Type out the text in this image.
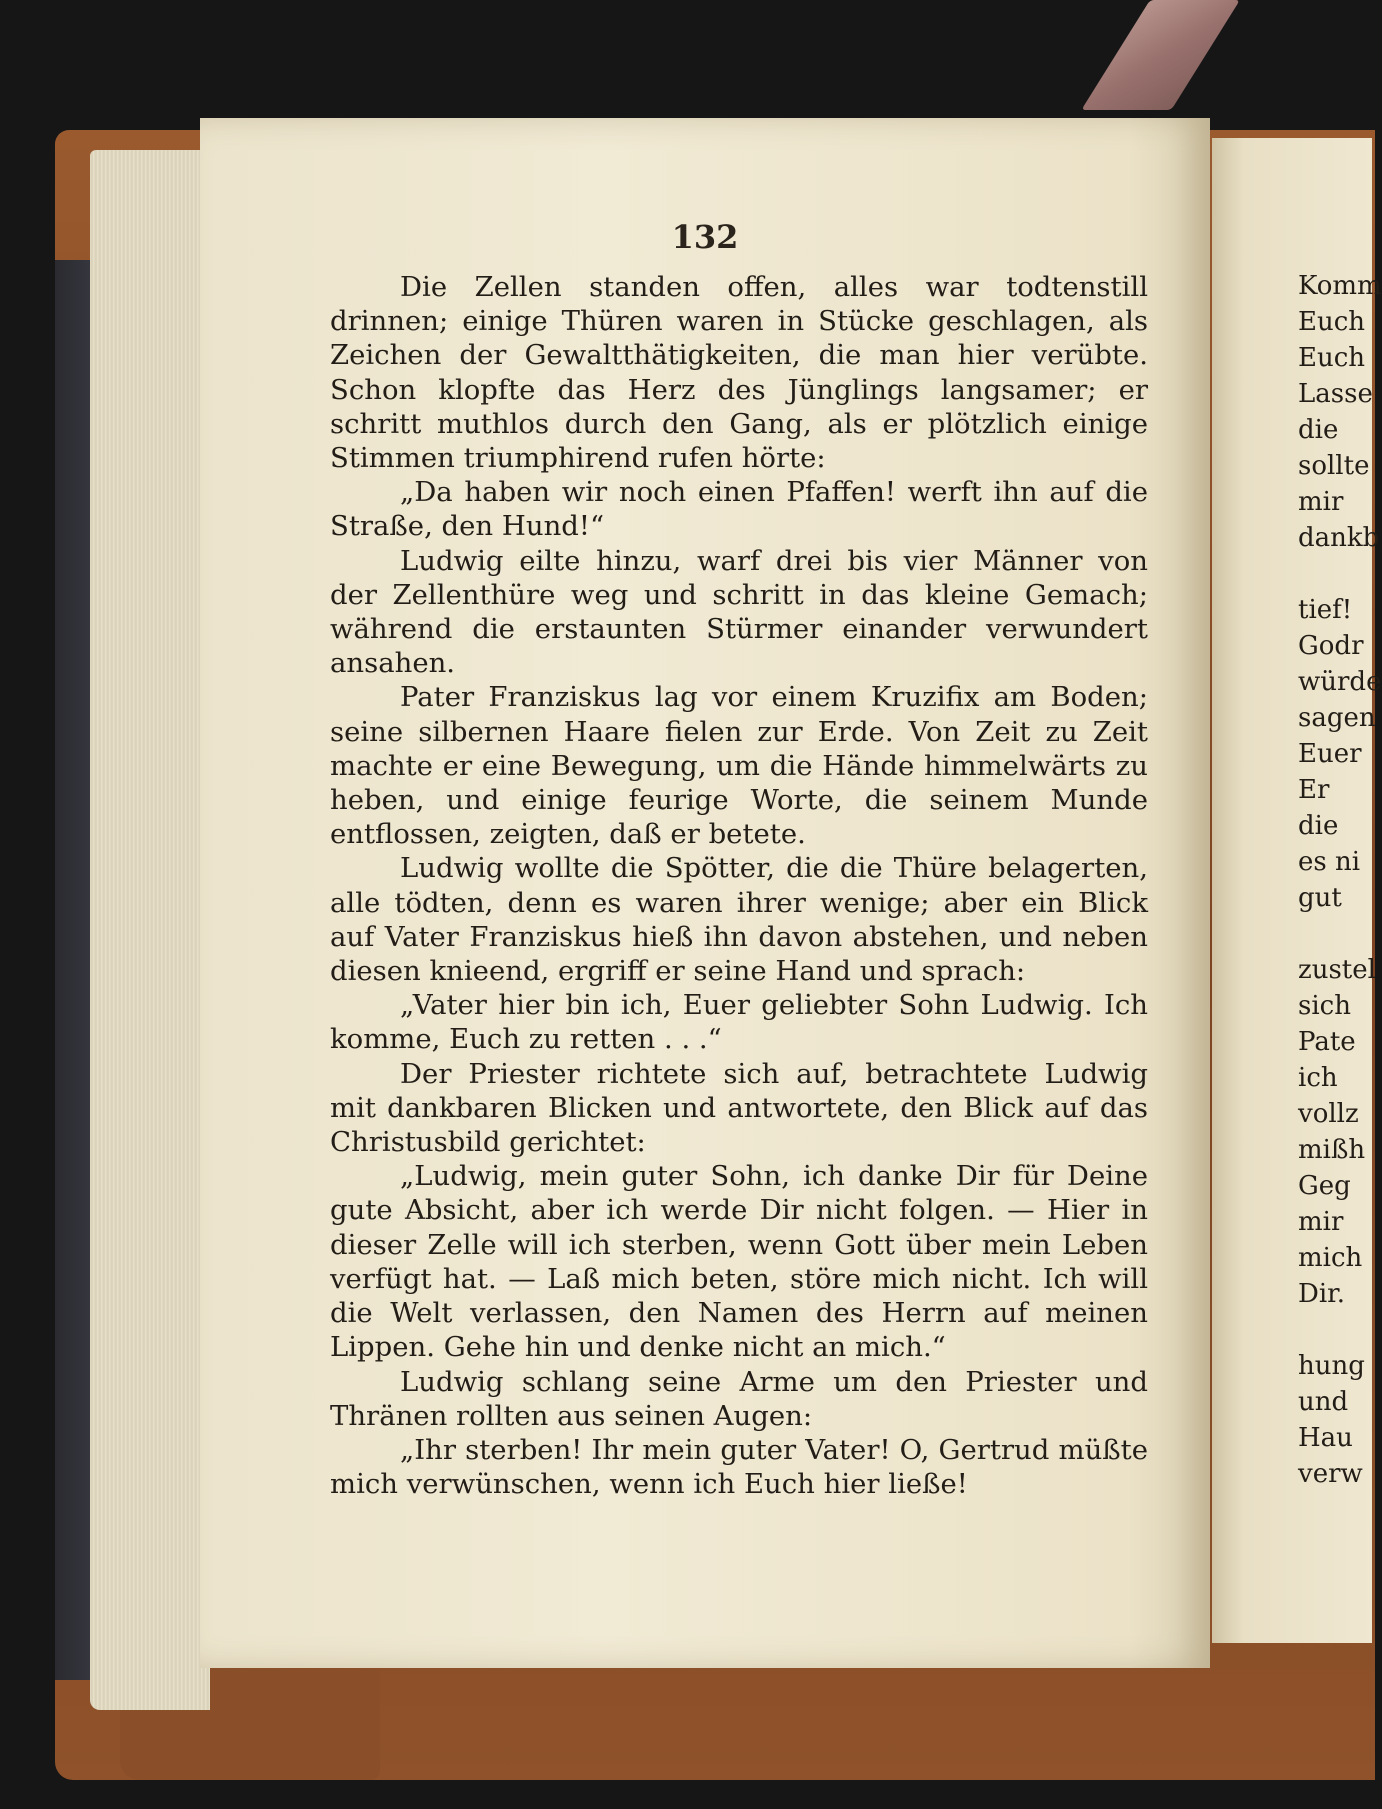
132

Die Zellen standen offen, alles war todtenstill drinnen; einige Thüren waren in Stücke geschlagen, als Zeichen der Gewaltthätigkeiten, die man hier verübte. Schon klopfte das Herz des Jünglings langsamer; er schritt muthlos durch den Gang, als er plötzlich einige Stimmen triumphirend rufen hörte:

„Da haben wir noch einen Pfaffen! werft ihn auf die Straße, den Hund!“

Ludwig eilte hinzu, warf drei bis vier Männer von der Zellenthüre weg und schritt in das kleine Gemach; während die erstaunten Stürmer einander verwundert ansahen.

Pater Franziskus lag vor einem Kruzifix am Boden; seine silbernen Haare fielen zur Erde. Von Zeit zu Zeit machte er eine Bewegung, um die Hände himmelwärts zu heben, und einige feurige Worte, die seinem Munde entflossen, zeigten, daß er betete.

Ludwig wollte die Spötter, die die Thüre belagerten, alle tödten, denn es waren ihrer wenige; aber ein Blick auf Vater Franziskus hieß ihn davon abstehen, und neben diesen knieend, ergriff er seine Hand und sprach:

„Vater hier bin ich, Euer geliebter Sohn Ludwig. Ich komme, Euch zu retten . . .“

Der Priester richtete sich auf, betrachtete Ludwig mit dankbaren Blicken und antwortete, den Blick auf das Christusbild gerichtet:

„Ludwig, mein guter Sohn, ich danke Dir für Deine gute Absicht, aber ich werde Dir nicht folgen. — Hier in dieser Zelle will ich sterben, wenn Gott über mein Leben verfügt hat. — Laß mich beten, störe mich nicht. Ich will die Welt verlassen, den Namen des Herrn auf meinen Lippen. Gehe hin und denke nicht an mich.“

Ludwig schlang seine Arme um den Priester und Thränen rollten aus seinen Augen:

„Ihr sterben! Ihr mein guter Vater! O, Gertrud müßte mich verwünschen, wenn ich Euch hier ließe!

Komm
Euch
Euch
Lasse
die
sollte
mir
dankb
tief!
Godr
würde
sagen
Euer
Er
die
es ni
gut
zustel
sich
Pate
ich
vollz
mißh
Geg
mir
mich
Dir.
hung
und
Hau
verw
